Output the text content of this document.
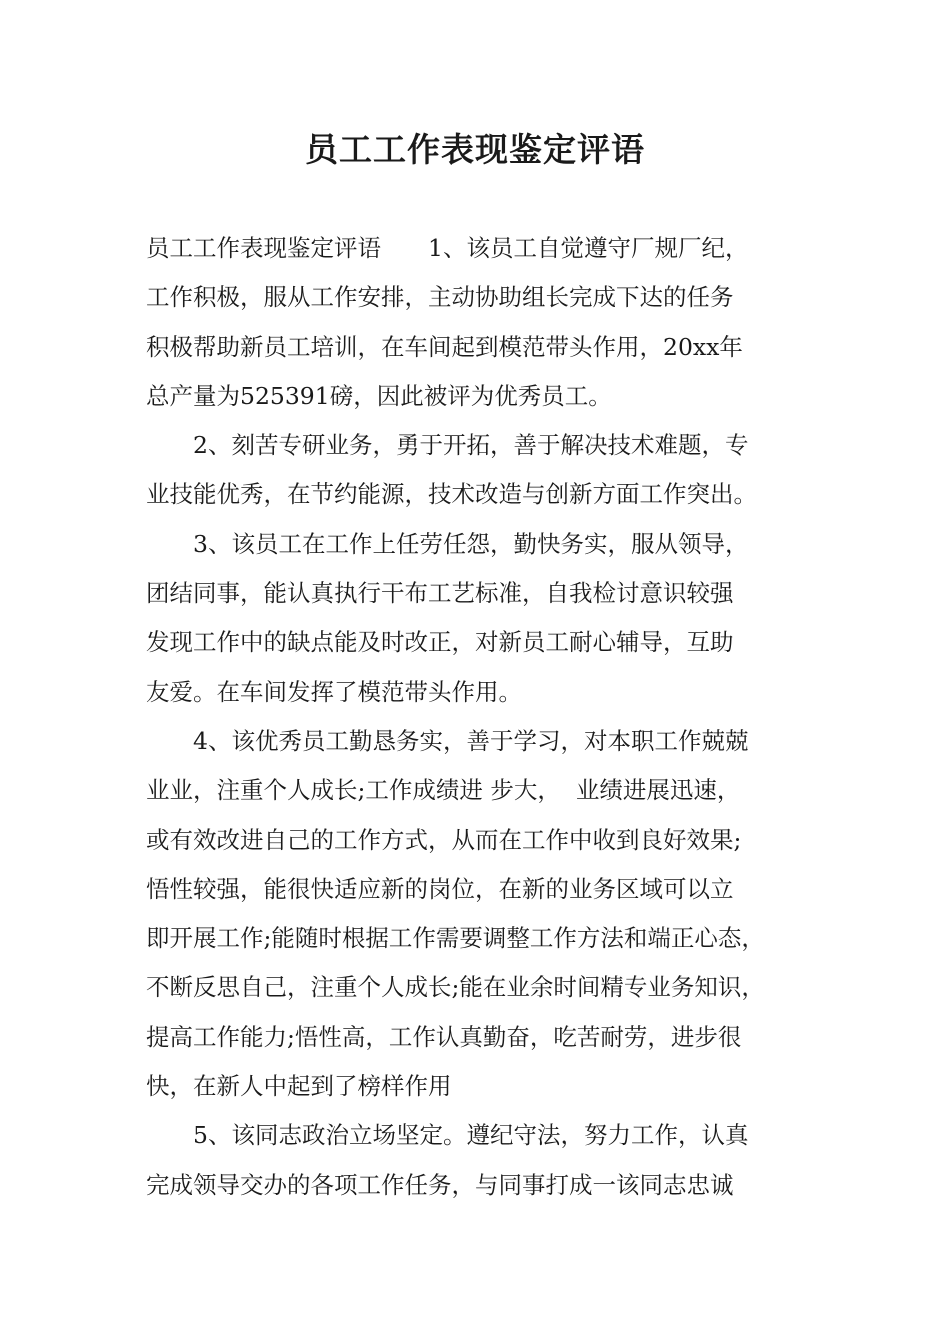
员工工作表现鉴定评语
员工工作表现鉴定评语　　1、该员工自觉遵守厂规厂纪，
工作积极，服从工作安排，主动协助组长完成下达的任务
积极帮助新员工培训，在车间起到模范带头作用，20xx年
总产量为525391磅，因此被评为优秀员工。
2、刻苦专研业务，勇于开拓，善于解决技术难题，专
业技能优秀，在节约能源，技术改造与创新方面工作突出。
3、该员工在工作上任劳任怨，勤快务实，服从领导，
团结同事，能认真执行干布工艺标准，自我检讨意识较强
发现工作中的缺点能及时改正，对新员工耐心辅导，互助
友爱。在车间发挥了模范带头作用。
4、该优秀员工勤恳务实，善于学习，对本职工作兢兢
业业，注重个人成长;工作成绩进 步大，  业绩进展迅速，
或有效改进自己的工作方式，从而在工作中收到良好效果;
悟性较强，能很快适应新的岗位，在新的业务区域可以立
即开展工作;能随时根据工作需要调整工作方法和端正心态，
不断反思自己，注重个人成长;能在业余时间精专业务知识，
提高工作能力;悟性高，工作认真勤奋，吃苦耐劳，进步很
快，在新人中起到了榜样作用
5、该同志政治立场坚定。遵纪守法，努力工作，认真
完成领导交办的各项工作任务，与同事打成一该同志忠诚
